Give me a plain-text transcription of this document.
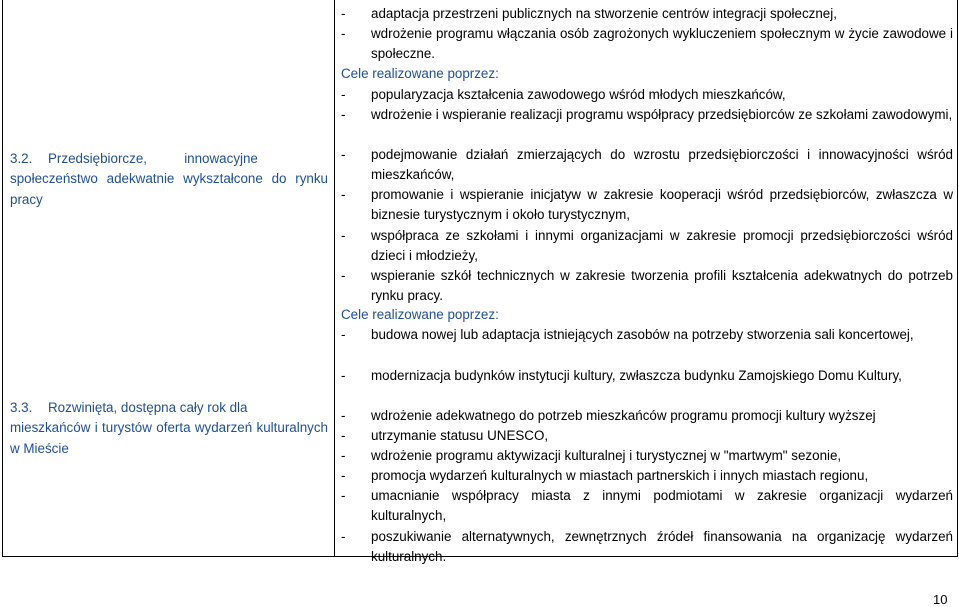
3.2. Przedsiębiorcze,          innowacyjne
społeczeństwo adekwatnie wykształcone do rynku pracy
3.3. Rozwinięta, dostępna cały rok dla
mieszkańców i turystów oferta wydarzeń kulturalnych w Mieście
- adaptacja przestrzeni publicznych na stworzenie centrów integracji społecznej,
- wdrożenie programu włączania osób zagrożonych wykluczeniem społecznym w życie zawodowe i społeczne.
Cele realizowane poprzez:
- popularyzacja kształcenia zawodowego wśród młodych mieszkańców,
- wdrożenie i wspieranie realizacji programu współpracy przedsiębiorców ze szkołami zawodowymi,
- podejmowanie działań zmierzających do wzrostu przedsiębiorczości i innowacyjności wśród mieszkańców,
- promowanie i wspieranie inicjatyw w zakresie kooperacji wśród przedsiębiorców, zwłaszcza w biznesie turystycznym i około turystycznym,
- współpraca ze szkołami i innymi organizacjami w zakresie promocji przedsiębiorczości wśród dzieci i młodzieży,
- wspieranie szkół technicznych w zakresie tworzenia profili kształcenia adekwatnych do potrzeb rynku pracy.
Cele realizowane poprzez:
- budowa nowej lub adaptacja istniejących zasobów na potrzeby stworzenia sali koncertowej,
- modernizacja budynków instytucji kultury, zwłaszcza budynku Zamojskiego Domu Kultury,
- wdrożenie adekwatnego do potrzeb mieszkańców programu promocji kultury wyższej
- utrzymanie statusu UNESCO,
- wdrożenie programu aktywizacji kulturalnej i turystycznej w "martwym" sezonie,
- promocja wydarzeń kulturalnych w miastach partnerskich i innych miastach regionu,
- umacnianie współpracy miasta z innymi podmiotami w zakresie organizacji wydarzeń kulturalnych,
- poszukiwanie alternatywnych, zewnętrznych źródeł finansowania na organizację wydarzeń kulturalnych.
10
